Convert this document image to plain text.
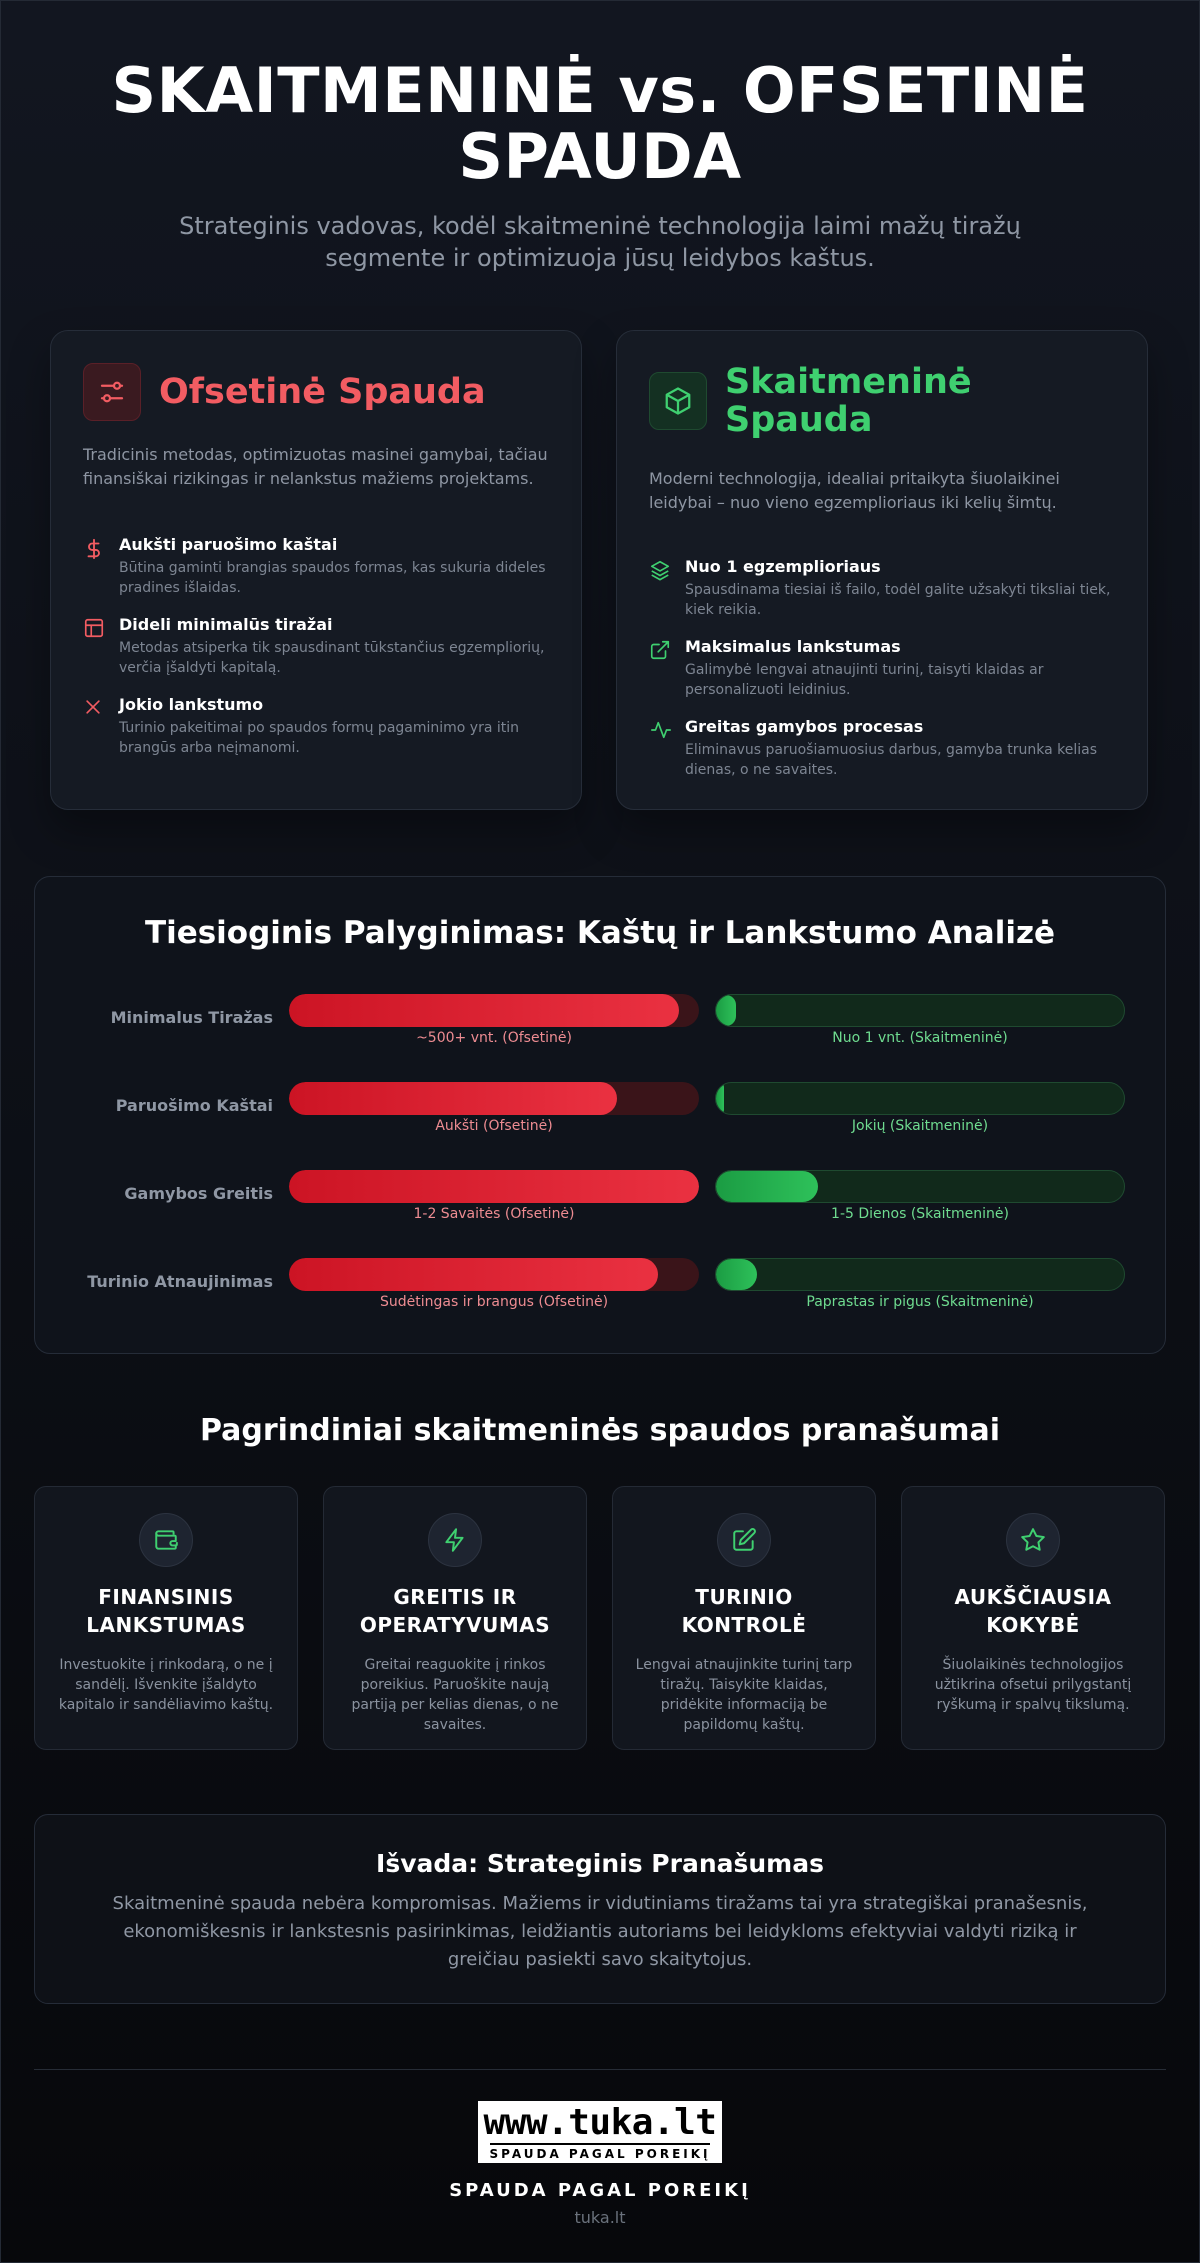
SKAITMENINĖ vs. OFSETINĖ SPAUDA

Strateginis vadovas, kodėl skaitmeninė technologija laimi mažų tiražų segmente ir optimizuoja jūsų leidybos kaštus.

Ofsetinė Spauda
Tradicinis metodas, optimizuotas masinei gamybai, tačiau finansiškai rizikingas ir nelankstus mažiems projektams.
Aukšti paruošimo kaštai
Būtina gaminti brangias spaudos formas, kas sukuria dideles pradines išlaidas.
Dideli minimalūs tiražai
Metodas atsiperka tik spausdinant tūkstančius egzempliorių, verčia įšaldyti kapitalą.
Jokio lankstumo
Turinio pakeitimai po spaudos formų pagaminimo yra itin brangūs arba neįmanomi.
Skaitmeninė Spauda
Moderni technologija, idealiai pritaikyta šiuolaikinei leidybai – nuo vieno egzemplioriaus iki kelių šimtų.
Nuo 1 egzemplioriaus
Spausdinama tiesiai iš failo, todėl galite užsakyti tiksliai tiek, kiek reikia.
Maksimalus lankstumas
Galimybė lengvai atnaujinti turinį, taisyti klaidas ar personalizuoti leidinius.
Greitas gamybos procesas
Eliminavus paruošiamuosius darbus, gamyba trunka kelias dienas, o ne savaites.
Tiesioginis Palyginimas: Kaštų ir Lankstumo Analizė
Minimalus Tiražas
~500+ vnt. (Ofsetinė)	Nuo 1 vnt. (Skaitmeninė)
Paruošimo Kaštai
Aukšti (Ofsetinė)	Jokių (Skaitmeninė)
Gamybos Greitis
1-2 Savaitės (Ofsetinė)	1-5 Dienos (Skaitmeninė)
Turinio Atnaujinimas
Sudėtingas ir brangus (Ofsetinė)	Paprastas ir pigus (Skaitmeninė)
Pagrindiniai skaitmeninės spaudos pranašumai
FINANSINIS LANKSTUMAS
Investuokite į rinkodarą, o ne į sandėlį. Išvenkite įšaldyto kapitalo ir sandėliavimo kaštų.
GREITIS IR OPERATYVUMAS
Greitai reaguokite į rinkos poreikius. Paruoškite naują partiją per kelias dienas, o ne savaites.
TURINIO KONTROLĖ
Lengvai atnaujinkite turinį tarp tiražų. Taisykite klaidas, pridėkite informaciją be papildomų kaštų.
AUKŠČIAUSIA KOKYBĖ
Šiuolaikinės technologijos užtikrina ofsetui prilygstantį ryškumą ir spalvų tikslumą.
Išvada: Strateginis Pranašumas

Skaitmeninė spauda nebėra kompromisas. Mažiems ir vidutiniams tiražams tai yra strategiškai pranašesnis, ekonomiškesnis ir lankstesnis pasirinkimas, leidžiantis autoriams bei leidykloms efektyviai valdyti riziką ir greičiau pasiekti savo skaitytojus.

www.tuka.lt
SPAUDA PAGAL POREIKĮ
SPAUDA PAGAL POREIKĮ
tuka.lt
